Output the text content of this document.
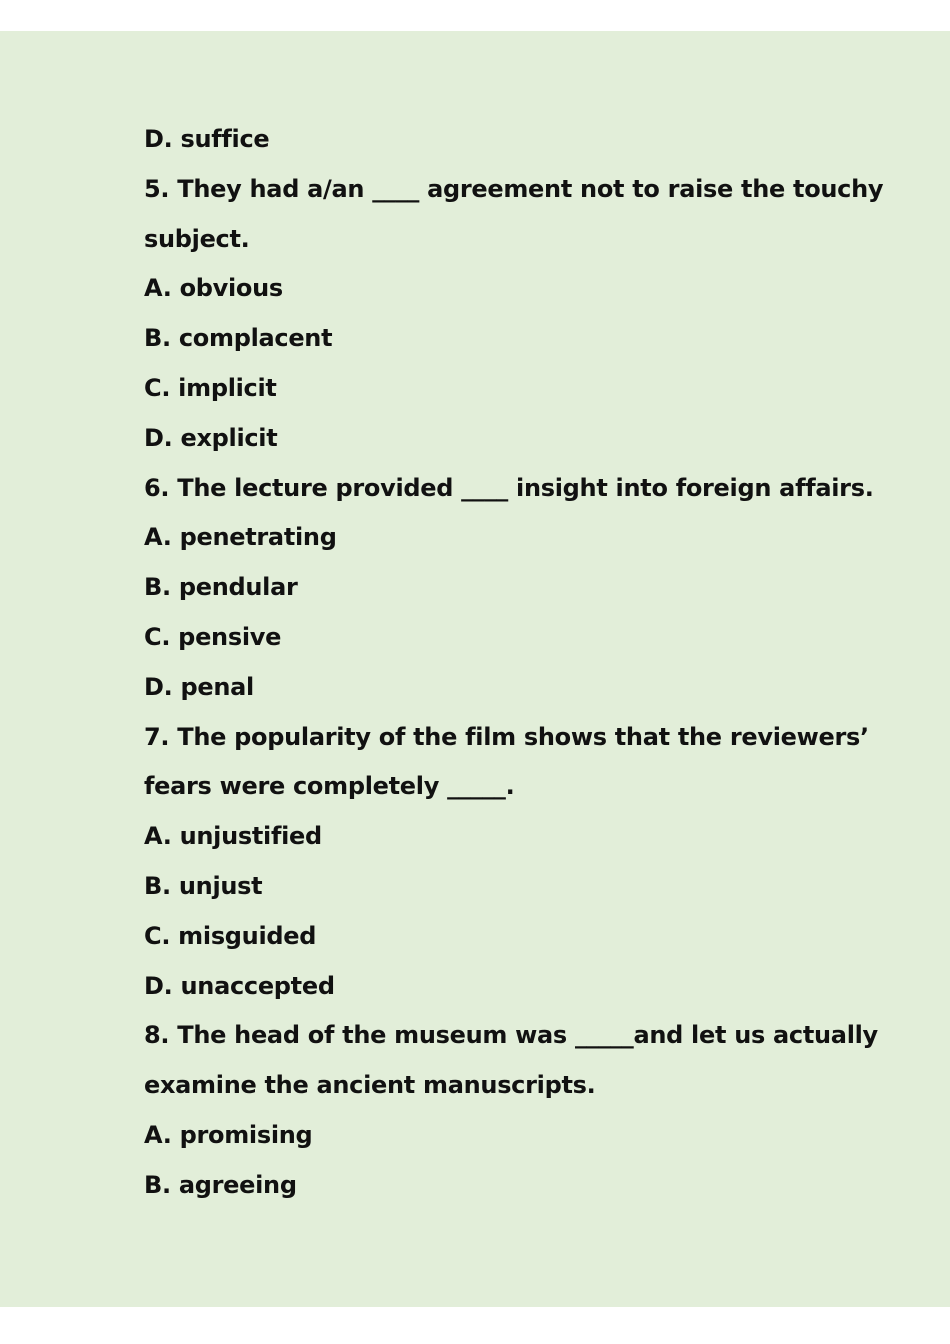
D. suffice
5. They had a/an ____ agreement not to raise the touchy
subject.
A. obvious
B. complacent
C. implicit
D. explicit
6. The lecture provided ____ insight into foreign affairs.
A. penetrating
B. pendular
C. pensive
D. penal
7. The popularity of the film shows that the reviewers’
fears were completely _____.
A. unjustified
B. unjust
C. misguided
D. unaccepted
8. The head of the museum was _____and let us actually
examine the ancient manuscripts.
A. promising
B. agreeing
